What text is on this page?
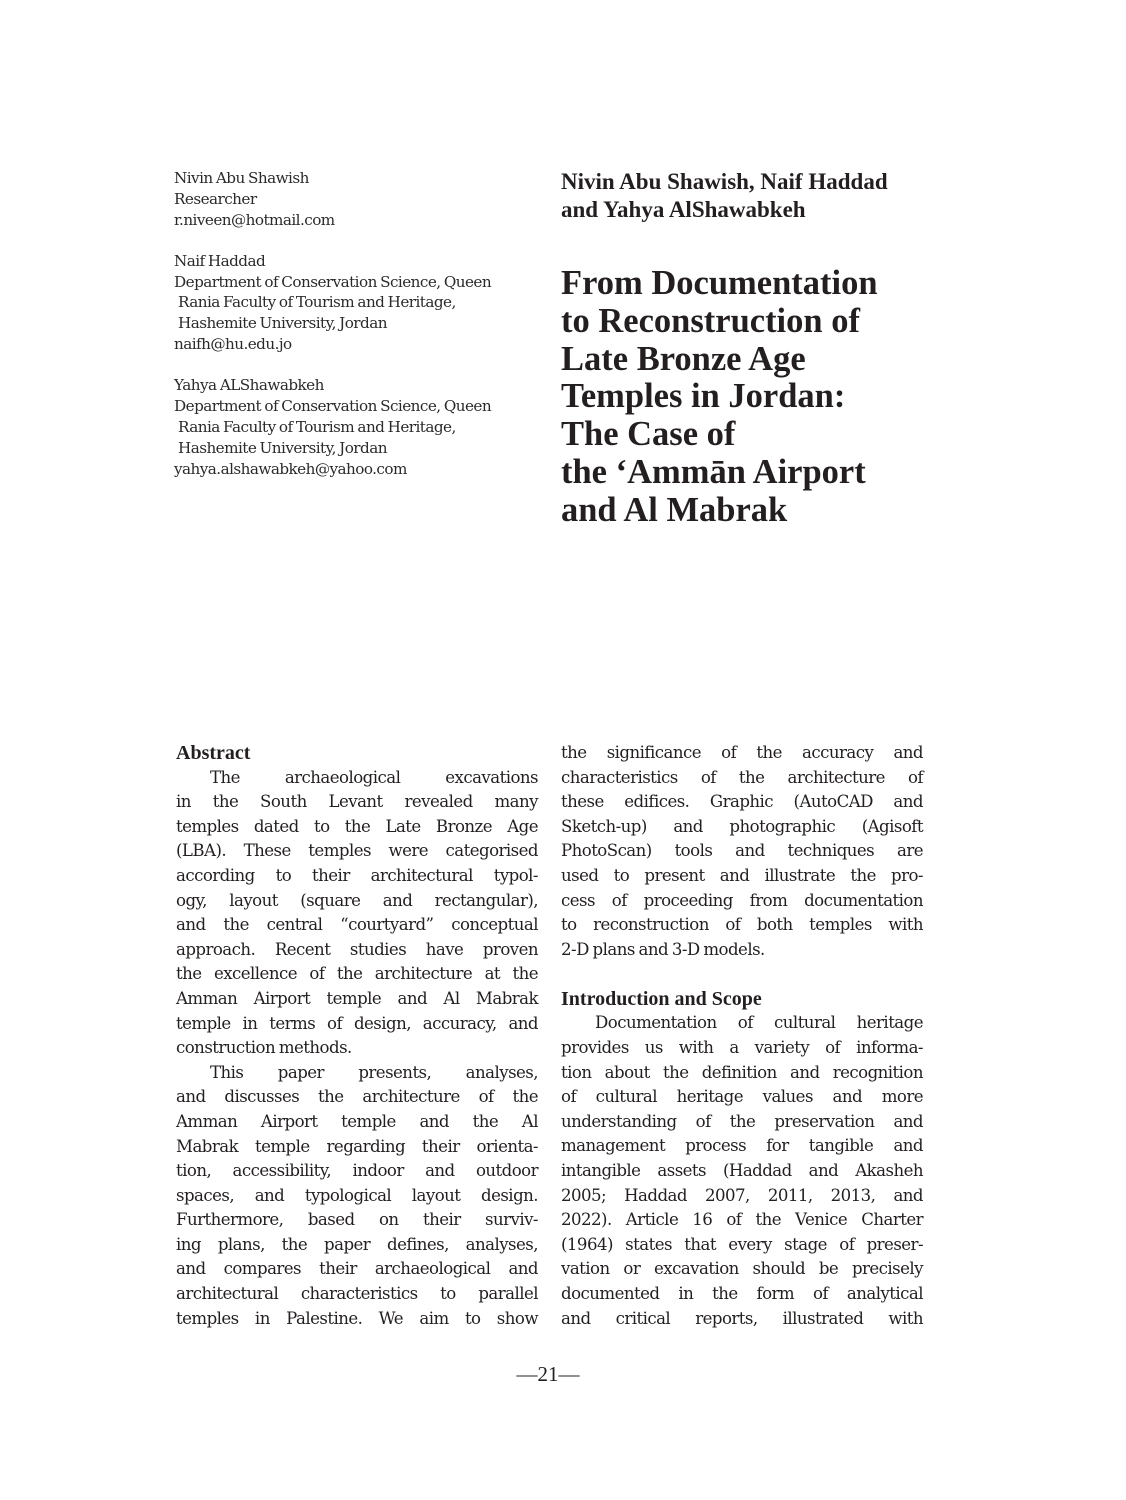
Nivin Abu Shawish
Researcher
r.niveen@hotmail.com
Naif Haddad
Department of Conservation Science, Queen
Rania Faculty of Tourism and Heritage,
Hashemite University, Jordan
naifh@hu.edu.jo
Yahya ALShawabkeh
Department of Conservation Science, Queen
Rania Faculty of Tourism and Heritage,
Hashemite University, Jordan
yahya.alshawabkeh@yahoo.com
Nivin Abu Shawish, Naif Haddad
and Yahya AlShawabkeh
From Documentation
to Reconstruction of
Late Bronze Age
Temples in Jordan:
The Case of
the ‘Ammān Airport
and Al Mabrak
Abstract
The archaeological excavations
in the South Levant revealed many
temples dated to the Late Bronze Age
(LBA). These temples were categorised
according to their architectural typol-
ogy, layout (square and rectangular),
and the central “courtyard” conceptual
approach. Recent studies have proven
the excellence of the architecture at the
Amman Airport temple and Al Mabrak
temple in terms of design, accuracy, and
construction methods.
This paper presents, analyses,
and discusses the architecture of the
Amman Airport temple and the Al
Mabrak temple regarding their orienta-
tion, accessibility, indoor and outdoor
spaces, and typological layout design.
Furthermore, based on their surviv-
ing plans, the paper defines, analyses,
and compares their archaeological and
architectural characteristics to parallel
temples in Palestine. We aim to show
the significance of the accuracy and
characteristics of the architecture of
these edifices. Graphic (AutoCAD and
Sketch-up) and photographic (Agisoft
PhotoScan) tools and techniques are
used to present and illustrate the pro-
cess of proceeding from documentation
to reconstruction of both temples with
2-D plans and 3-D models.
Introduction and Scope
Documentation of cultural heritage
provides us with a variety of informa-
tion about the definition and recognition
of cultural heritage values and more
understanding of the preservation and
management process for tangible and
intangible assets (Haddad and Akasheh
2005; Haddad 2007, 2011, 2013, and
2022). Article 16 of the Venice Charter
(1964) states that every stage of preser-
vation or excavation should be precisely
documented in the form of analytical
and critical reports, illustrated with
—21—
